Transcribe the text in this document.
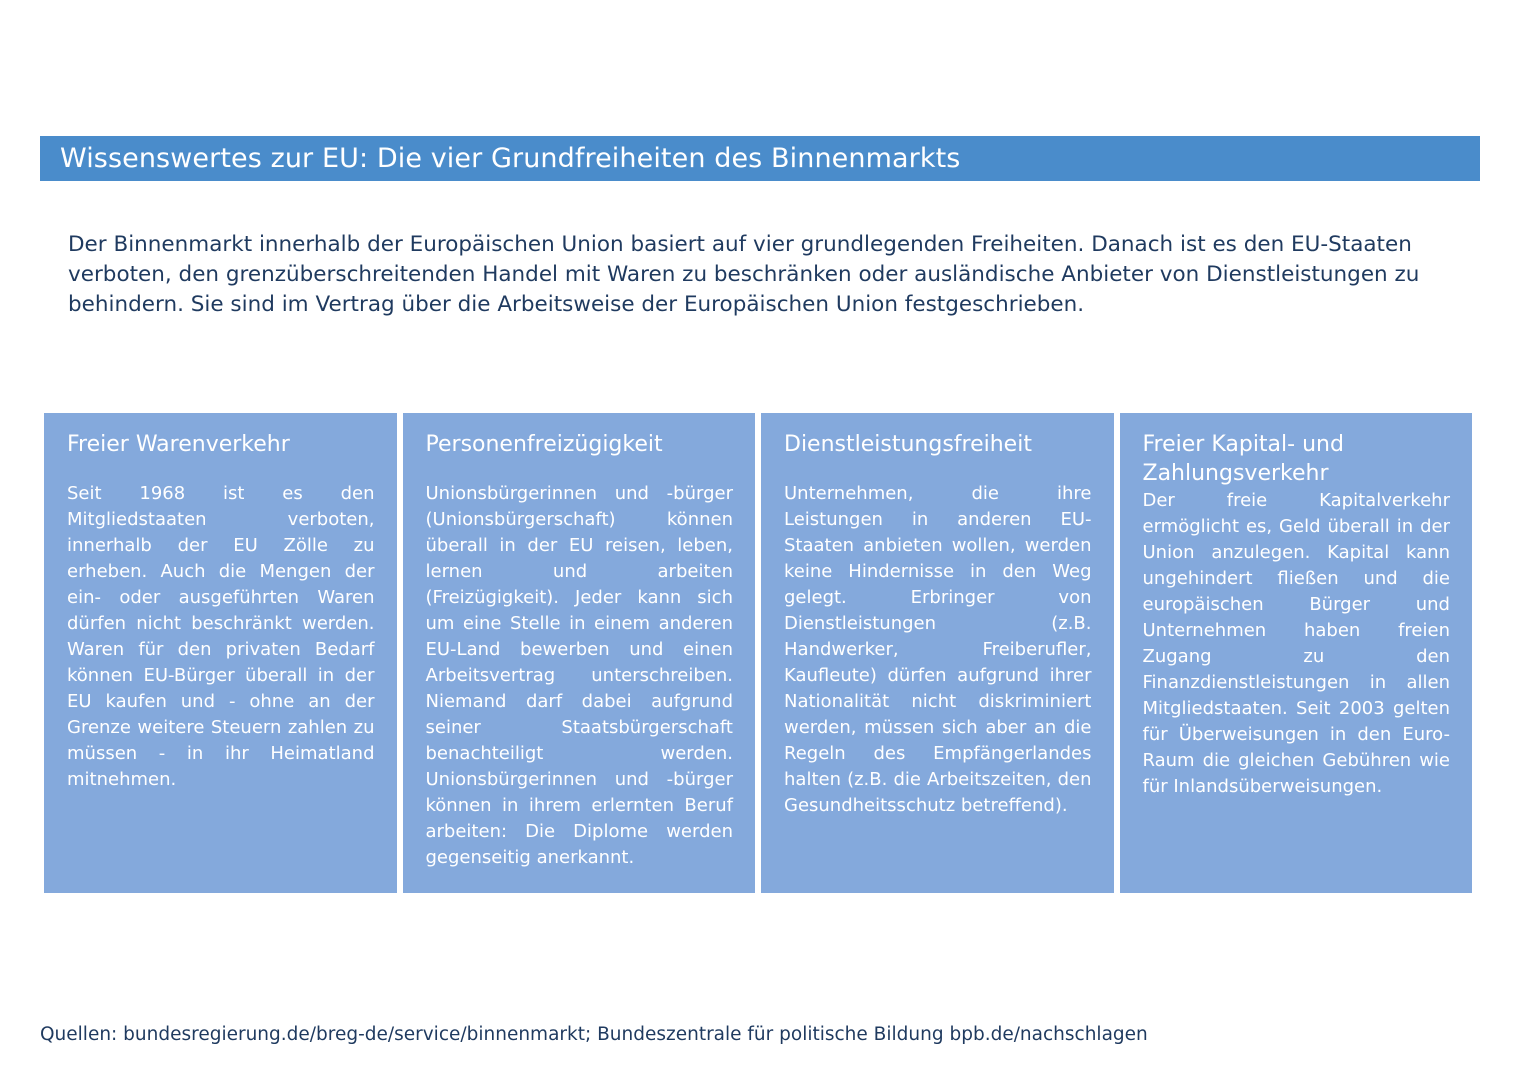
Wissenswertes zur EU: Die vier Grundfreiheiten des Binnenmarkts

Der Binnenmarkt innerhalb der Europäischen Union basiert auf vier grundlegenden Freiheiten. Danach ist es den EU-Staaten verboten, den grenzüberschreitenden Handel mit Waren zu beschränken oder ausländische Anbieter von Dienstleistungen zu behindern. Sie sind im Vertrag über die Arbeitsweise der Europäischen Union festgeschrieben.

Freier Warenverkehr

Seit 1968 ist es den Mitgliedstaaten verboten, innerhalb der EU Zölle zu erheben. Auch die Mengen der ein- oder ausgeführten Waren dürfen nicht beschränkt werden. Waren für den privaten Bedarf können EU-Bürger überall in der EU kaufen und - ohne an der Grenze weitere Steuern zahlen zu müssen - in ihr Heimatland mitnehmen.

Personenfreizügigkeit

Unionsbürgerinnen und -bürger (Unionsbürgerschaft) können überall in der EU reisen, leben, lernen und arbeiten (Freizügigkeit). Jeder kann sich um eine Stelle in einem anderen EU-Land bewerben und einen Arbeitsvertrag unterschreiben. Niemand darf dabei aufgrund seiner Staatsbürgerschaft benachteiligt werden. Unionsbürgerinnen und -bürger können in ihrem erlernten Beruf arbeiten: Die Diplome werden gegenseitig anerkannt.

Dienstleistungsfreiheit

Unternehmen, die ihre Leistungen in anderen EU-Staaten anbieten wollen, werden keine Hindernisse in den Weg gelegt. Erbringer von Dienstleistungen (z.B. Handwerker, Freiberufler, Kaufleute) dürfen aufgrund ihrer Nationalität nicht diskriminiert werden, müssen sich aber an die Regeln des Empfängerlandes halten (z.B. die Arbeitszeiten, den Gesundheitsschutz betreffend).

Freier Kapital- und Zahlungsverkehr

Der freie Kapitalverkehr ermöglicht es, Geld überall in der Union anzulegen. Kapital kann ungehindert fließen und die europäischen Bürger und Unternehmen haben freien Zugang zu den Finanzdienstleistungen in allen Mitgliedstaaten. Seit 2003 gelten für Überweisungen in den Euro-Raum die gleichen Gebühren wie für Inlandsüberweisungen.

Quellen: bundesregierung.de/breg-de/service/binnenmarkt; Bundeszentrale für politische Bildung bpb.de/nachschlagen
